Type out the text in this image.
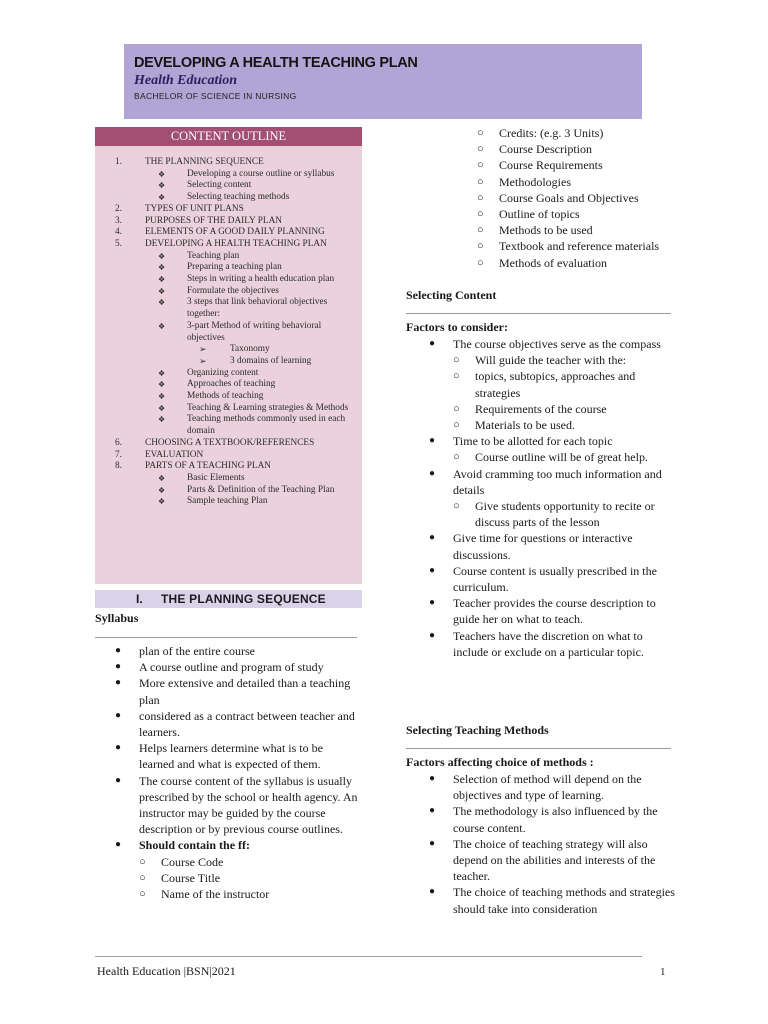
DEVELOPING A HEALTH TEACHING PLAN
Health Education
BACHELOR OF SCIENCE IN NURSING
CONTENT OUTLINE
1. THE PLANNING SEQUENCE
❖ Developing a course outline or syllabus
❖ Selecting content
❖ Selecting teaching methods
2. TYPES OF UNIT PLANS
3. PURPOSES OF THE DAILY PLAN
4. ELEMENTS OF A GOOD DAILY PLANNING
5. DEVELOPING A HEALTH TEACHING PLAN
❖ Teaching plan
❖ Preparing a teaching plan
❖ Steps in writing a health education plan
❖ Formulate the objectives
❖ 3 steps that link behavioral objectives together:
❖ 3-part Method of writing behavioral objectives
➢	Taxonomy
➢	3 domains of learning
❖ Organizing content
❖ Approaches of teaching
❖ Methods of teaching
❖ Teaching & Learning strategies & Methods
❖ Teaching methods commonly used in each domain
6. CHOOSING A TEXTBOOK/REFERENCES
7. EVALUATION
8. PARTS OF A TEACHING PLAN
❖ Basic Elements
❖ Parts & Definition of the Teaching Plan
❖ Sample teaching Plan
I. THE PLANNING SEQUENCE
Syllabus
● plan of the entire course
● A course outline and program of study
● More extensive and detailed than a teaching plan
● considered as a contract between teacher and learners.
● Helps learners determine what is to be learned and what is expected of them.
● The course content of the syllabus is usually prescribed by the school or health agency. An instructor may be guided by the course description or by previous course outlines.
● Should contain the ff:
○ Course Code
○ Course Title
○ Name of the instructor
○ Credits: (e.g. 3 Units)
○ Course Description
○ Course Requirements
○ Methodologies
○ Course Goals and Objectives
○ Outline of topics
○ Methods to be used
○ Textbook and reference materials
○ Methods of evaluation
Selecting Content
Factors to consider:
● The course objectives serve as the compass
○ Will guide the teacher with the:
○ topics, subtopics, approaches and strategies
○ Requirements of the course
○ Materials to be used.
● Time to be allotted for each topic
○ Course outline will be of great help.
● Avoid cramming too much information and details
○ Give students opportunity to recite or discuss parts of the lesson
● Give time for questions or interactive discussions.
● Course content is usually prescribed in the curriculum.
● Teacher provides the course description to guide her on what to teach.
● Teachers have the discretion on what to include or exclude on a particular topic.
Selecting Teaching Methods
Factors affecting choice of methods :
● Selection of method will depend on the objectives and type of learning.
● The methodology is also influenced by the course content.
● The choice of teaching strategy will also depend on the abilities and interests of the teacher.
● The choice of teaching methods and strategies should take into consideration
Health Education |BSN|2021	1
